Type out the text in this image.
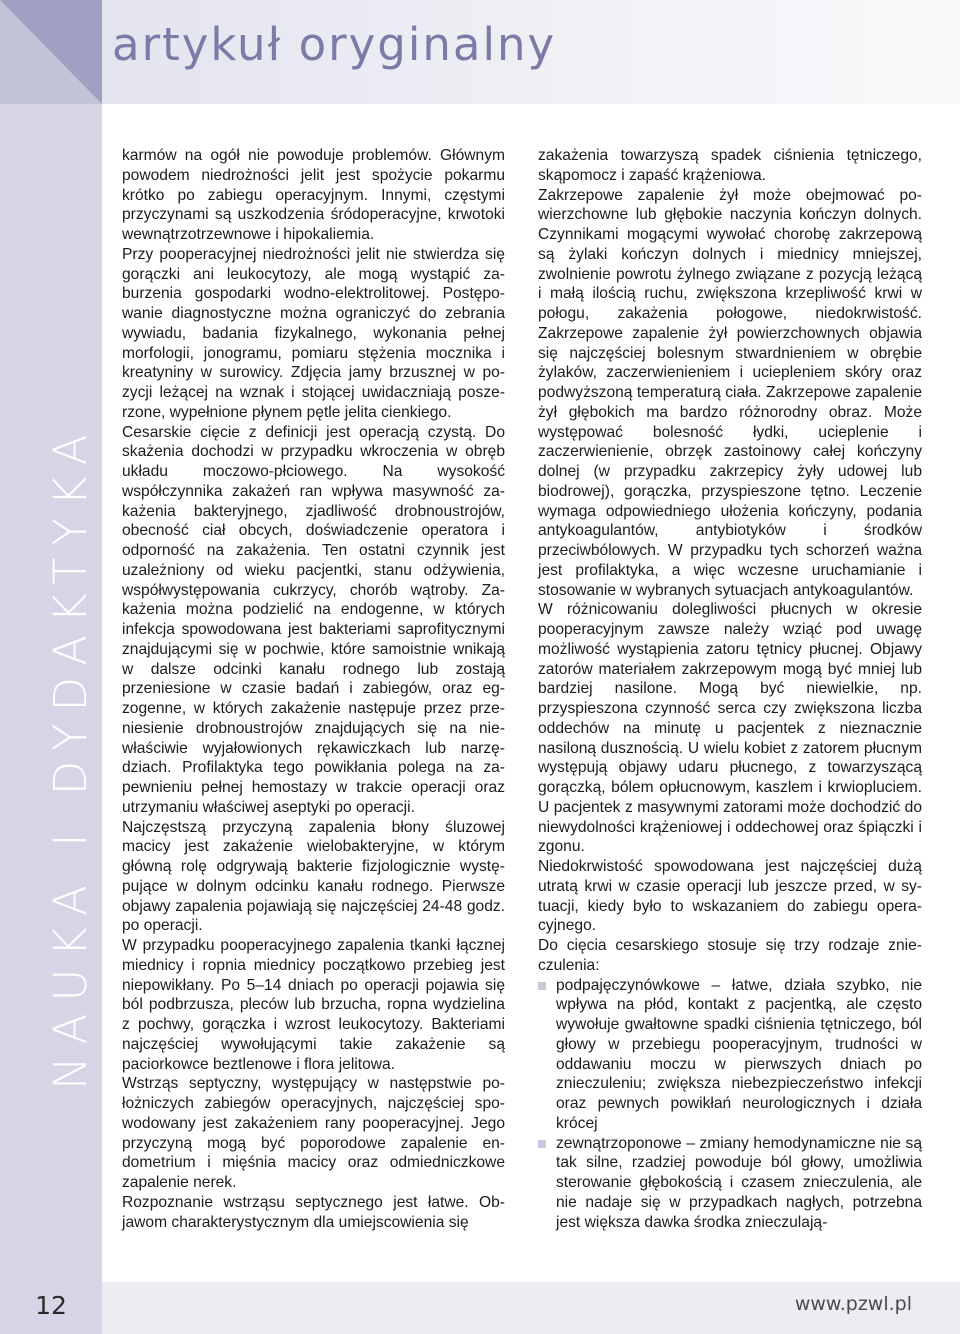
artykuł oryginalny
NAUKA I DYDAKTYKA

karmów na ogół nie powoduje problemów. Głównym powodem niedrożności jelit jest spożycie pokarmu krótko po zabiegu operacyjnym. Innymi, częstymi przyczynami są uszkodzenia śródoperacyjne, krwotoki wewnątrzotrzewnowe i hipokaliemia.

Przy pooperacyjnej niedrożności jelit nie stwierdza się gorączki ani leukocytozy, ale mogą wystąpić zaburzenia gospodarki wodno-elektrolitowej. Postępowanie diagnostyczne można ograniczyć do zebrania wywiadu, badania fizykalnego, wykonania pełnej morfologii, jonogramu, pomiaru stężenia mocznika i kreatyniny w surowicy. Zdjęcia jamy brzusznej w pozycji leżącej na wznak i stojącej uwidaczniają poszerzone, wypełnione płynem pętle jelita cienkiego.

Cesarskie cięcie z definicji jest operacją czystą. Do skażenia dochodzi w przypadku wkroczenia w obręb układu moczowo-płciowego. Na wysokość współczynnika zakażeń ran wpływa masywność zakażenia bakteryjnego, zjadliwość drobnoustrojów, obecność ciał obcych, doświadczenie operatora i odporność na zakażenia. Ten ostatni czynnik jest uzależniony od wieku pacjentki, stanu odżywienia, współwystępowania cukrzycy, chorób wątroby. Zakażenia można podzielić na endogenne, w których infekcja spowodowana jest bakteriami saprofitycznymi znajdującymi się w pochwie, które samoistnie wnikają w dalsze odcinki kanału rodnego lub zostają przeniesione w czasie badań i zabiegów, oraz egzogenne, w których zakażenie następuje przez przeniesienie drobnoustrojów znajdujących się na niewłaściwie wyjałowionych rękawiczkach lub narzędziach. Profilaktyka tego powikłania polega na zapewnieniu pełnej hemostazy w trakcie operacji oraz utrzymaniu właściwej aseptyki po operacji.

Najczęstszą przyczyną zapalenia błony śluzowej macicy jest zakażenie wielobakteryjne, w którym główną rolę odgrywają bakterie fizjologicznie występujące w dolnym odcinku kanału rodnego. Pierwsze objawy zapalenia pojawiają się najczęściej 24-48 godz. po operacji.

W przypadku pooperacyjnego zapalenia tkanki łącznej miednicy i ropnia miednicy początkowo przebieg jest niepowikłany. Po 5–14 dniach po operacji pojawia się ból podbrzusza, pleców lub brzucha, ropna wydzielina z pochwy, gorączka i wzrost leukocytozy. Bakteriami najczęściej wywołującymi takie zakażenie są paciorkowce beztlenowe i flora jelitowa.

Wstrząs septyczny, występujący w następstwie położniczych zabiegów operacyjnych, najczęściej spowodowany jest zakażeniem rany pooperacyjnej. Jego przyczyną mogą być poporodowe zapalenie endometrium i mięśnia macicy oraz odmiedniczkowe zapalenie nerek.

Rozpoznanie wstrząsu septycznego jest łatwe. Objawom charakterystycznym dla umiejscowienia się

zakażenia towarzyszą spadek ciśnienia tętniczego, skąpomocz i zapaść krążeniowa.

Zakrzepowe zapalenie żył może obejmować powierzchowne lub głębokie naczynia kończyn dolnych. Czynnikami mogącymi wywołać chorobę zakrzepową są żylaki kończyn dolnych i miednicy mniejszej, zwolnienie powrotu żylnego związane z pozycją leżącą i małą ilością ruchu, zwiększona krzepliwość krwi w połogu, zakażenia połogowe, niedokrwistość. Zakrzepowe zapalenie żył powierzchownych objawia się najczęściej bolesnym stwardnieniem w obrębie żylaków, zaczerwienieniem i uciepleniem skóry oraz podwyższoną temperaturą ciała. Zakrzepowe zapalenie żył głębokich ma bardzo różnorodny obraz. Może występować bolesność łydki, ucieplenie i zaczerwienienie, obrzęk zastoinowy całej kończyny dolnej (w przypadku zakrzepicy żyły udowej lub biodrowej), gorączka, przyspieszone tętno. Leczenie wymaga odpowiedniego ułożenia kończyny, podania antykoagulantów, antybiotyków i środków przeciwbólowych. W przypadku tych schorzeń ważna jest profilaktyka, a więc wczesne uruchamianie i stosowanie w wybranych sytuacjach antykoagulantów.

W różnicowaniu dolegliwości płucnych w okresie pooperacyjnym zawsze należy wziąć pod uwagę możliwość wystąpienia zatoru tętnicy płucnej. Objawy zatorów materiałem zakrzepowym mogą być mniej lub bardziej nasilone. Mogą być niewielkie, np. przyspieszona czynność serca czy zwiększona liczba oddechów na minutę u pacjentek z nieznacznie nasiloną dusznością. U wielu kobiet z zatorem płucnym występują objawy udaru płucnego, z towarzyszącą gorączką, bólem opłucnowym, kaszlem i krwiopluciem. U pacjentek z masywnymi zatorami może dochodzić do niewydolności krążeniowej i oddechowej oraz śpiączki i zgonu.

Niedokrwistość spowodowana jest najczęściej dużą utratą krwi w czasie operacji lub jeszcze przed, w sytuacji, kiedy było to wskazaniem do zabiegu operacyjnego.

Do cięcia cesarskiego stosuje się trzy rodzaje znieczulenia:

podpajęczynówkowe – łatwe, działa szybko, nie wpływa na płód, kontakt z pacjentką, ale często wywołuje gwałtowne spadki ciśnienia tętniczego, ból głowy w przebiegu pooperacyjnym, trudności w oddawaniu moczu w pierwszych dniach po znieczuleniu; zwiększa niebezpieczeństwo infekcji oraz pewnych powikłań neurologicznych i działa krócej
zewnątrzoponowe – zmiany hemodynamiczne nie są tak silne, rzadziej powoduje ból głowy, umożliwia sterowanie głębokością i czasem znieczulenia, ale nie nadaje się w przypadkach nagłych, potrzebna jest większa dawka środka znieczulają-
12	www.pzwl.pl
